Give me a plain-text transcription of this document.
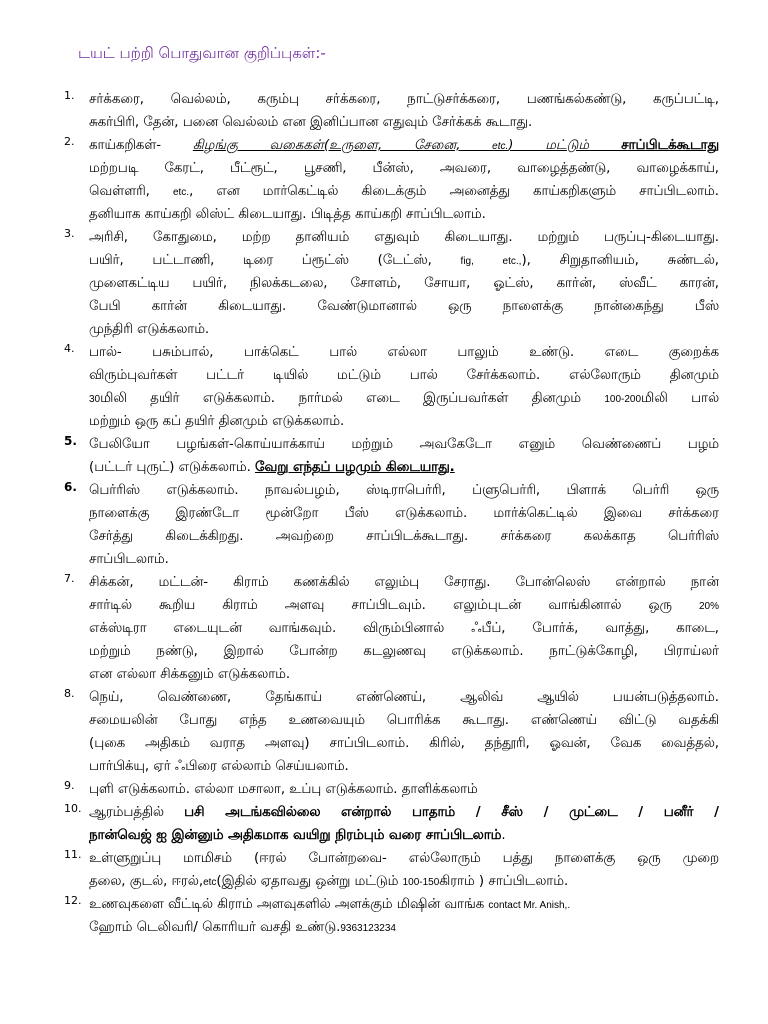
டயட் பற்றி பொதுவான குறிப்புகள்:-
1.	சர்க்கரை, வெல்லம், கரும்பு சர்க்கரை, நாட்டுசர்க்கரை, பணங்கல்கண்டு, கருப்பட்டி,
சுகர்பிரி, தேன், பனை வெல்லம் என இனிப்பான எதுவும் சேர்க்கக் கூடாது.
2.	காய்கறிகள்- கிழங்கு வகைகள்(உருளை, சேனை, etc.) மட்டும் சாப்பிடக்கூடாது
மற்றபடி கேரட், பீட்ரூட், பூசணி, பீன்ஸ், அவரை, வாழைத்தண்டு, வாழைக்காய்,
வெள்ளரி, etc., என மார்கெட்டில் கிடைக்கும் அனைத்து காய்கறிகளும் சாப்பிடலாம்.
தனியாக காய்கறி லிஸ்ட் கிடையாது. பிடித்த காய்கறி சாப்பிடலாம்.
3.	அரிசி, கோதுமை, மற்ற தானியம் எதுவும் கிடையாது. மற்றும் பருப்பு-கிடையாது.
பயிர், பட்டாணி, டிரை ப்ரூட்ஸ் (டேட்ஸ், fig,	etc.,), சிறுதானியம், சுண்டல்,
முளைகட்டிய பயிர், நிலக்கடலை, சோளம், சோயா, ஓட்ஸ், கார்ன், ஸ்வீட் காரன்,
பேபி கார்ன் கிடையாது. வேண்டுமானால் ஒரு நாளைக்கு நான்கைந்து பீஸ்
முந்திரி எடுக்கலாம்.
4.	பால்- பசும்பால், பாக்கெட் பால் எல்லா பாலும் உண்டு. எடை குறைக்க
விரும்புவர்கள் பட்டர் டியில் மட்டும் பால் சேர்க்கலாம். எல்லோரும் தினமும்
30மிலி தயிர் எடுக்கலாம். நார்மல் எடை இருப்பவர்கள் தினமும் 100-200மிலி பால்
மற்றும் ஒரு கப் தயிர் தினமும் எடுக்கலாம்.
5. பேலியோ பழங்கள்-கொய்யாக்காய் மற்றும் அவகேடோ எனும் வெண்ணைப் பழம்
(பட்டர் புருட்) எடுக்கலாம். வேறு எந்தப் பழமும் கிடையாது.
6. பெர்ரிஸ் எடுக்கலாம். நாவல்பழம், ஸ்டிராபெர்ரி, ப்ளுபெர்ரி, பிளாக் பெர்ரி ஒரு
நாளைக்கு இரண்டோ மூன்றோ பீஸ் எடுக்கலாம். மார்க்கெட்டில் இவை சர்க்கரை
சேர்த்து கிடைக்கிறது. அவற்றை சாப்பிடக்கூடாது. சர்க்கரை கலக்காத பெர்ரிஸ்
சாப்பிடலாம்.
7.	சிக்கன், மட்டன்- கிராம் கணக்கில் எலும்பு சேராது. போன்லெஸ் என்றால் நான்
சார்டில் கூறிய கிராம் அளவு சாப்பிடவும். எலும்புடன் வாங்கினால் ஒரு 20%
எக்ஸ்டிரா எடையுடன் வாங்கவும். விரும்பினால் ஃபீப், போர்க், வாத்து, காடை,
மற்றும் நண்டு, இறால் போன்ற கடலுணவு எடுக்கலாம். நாட்டுக்கோழி, பிராய்லர்
என எல்லா சிக்கனும் எடுக்கலாம்.
8.	நெய், வெண்ணை, தேங்காய் எண்ணெய், ஆலிவ் ஆயில் பயன்படுத்தலாம்.
சமையலின் போது எந்த உணவையும் பொரிக்க கூடாது. எண்ணெய் விட்டு வதக்கி
(புகை அதிகம் வராத அளவு) சாப்பிடலாம். கிரில், தந்தூரி, ஓவன், வேக வைத்தல்,
பார்பிக்யு, ஏர் ஃபிரை எல்லாம் செய்யலாம்.
9.	புளி எடுக்கலாம். எல்லா மசாலா, உப்பு எடுக்கலாம். தாளிக்கலாம்
10. ஆரம்பத்தில் பசி அடங்கவில்லை என்றால் பாதாம் / சீஸ் / முட்டை / பனீர் /
நான்வெஜ் ஐ இன்னும் அதிகமாக வயிறு நிரம்பும் வரை சாப்பிடலாம்.
11. உள்ளுறுப்பு மாமிசம் (ஈரல் போன்றவை- எல்லோரும் பத்து நாளைக்கு ஒரு முறை
தலை, குடல், ஈரல்,etc(இதில் ஏதாவது ஒன்று மட்டும் 100-150கிராம் ) சாப்பிடலாம்.
12. உணவுகளை வீட்டில் கிராம் அளவுகளில் அளக்கும் மிஷின் வாங்க contact Mr. Anish,.
ஹோம் டெலிவரி/ கொரியர் வசதி உண்டு.9363123234
